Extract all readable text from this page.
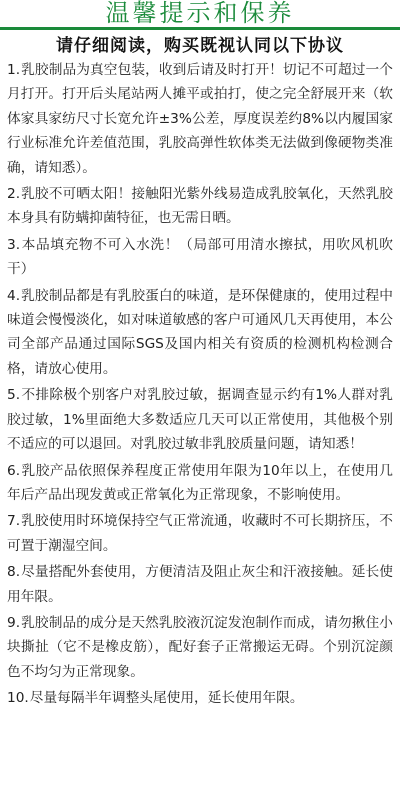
温馨提示和保养
请仔细阅读，购买既视认同以下协议

1.乳胶制品为真空包装，收到后请及时打开！切记不可超过一个月打开。打开后头尾站两人摊平或拍打，使之完全舒展开来（软体家具家纺尺寸长宽允许±3%公差，厚度误差约8%以内履国家行业标准允许差值范围，乳胶高弹性软体类无法做到像硬物类准确，请知悉）。

2.乳胶不可晒太阳！接触阳光紫外线易造成乳胶氧化，天然乳胶本身具有防螨抑菌特征，也无需日晒。

3.本品填充物不可入水洗！（局部可用清水擦拭，用吹风机吹干）

4.乳胶制品都是有乳胶蛋白的味道，是环保健康的，使用过程中味道会慢慢淡化，如对味道敏感的客户可通风几天再使用，本公司全部产品通过国际SGS及国内相关有资质的检测机构检测合格，请放心使用。

5.不排除极个别客户对乳胶过敏，据调查显示约有1%人群对乳胶过敏，1%里面绝大多数适应几天可以正常使用，其他极个别不适应的可以退回。对乳胶过敏非乳胶质量问题，请知悉！

6.乳胶产品依照保养程度正常使用年限为10年以上，在使用几年后产品出现发黄或正常氧化为正常现象，不影响使用。

7.乳胶使用时环境保持空气正常流通，收藏时不可长期挤压，不可置于潮湿空间。

8.尽量搭配外套使用，方便清洁及阻止灰尘和汗液接触。延长使用年限。

9.乳胶制品的成分是天然乳胶液沉淀发泡制作而成，请勿揪住小块撕扯（它不是橡皮筋），配好套子正常搬运无碍。个别沉淀颜色不均匀为正常现象。

10.尽量每隔半年调整头尾使用，延长使用年限。
